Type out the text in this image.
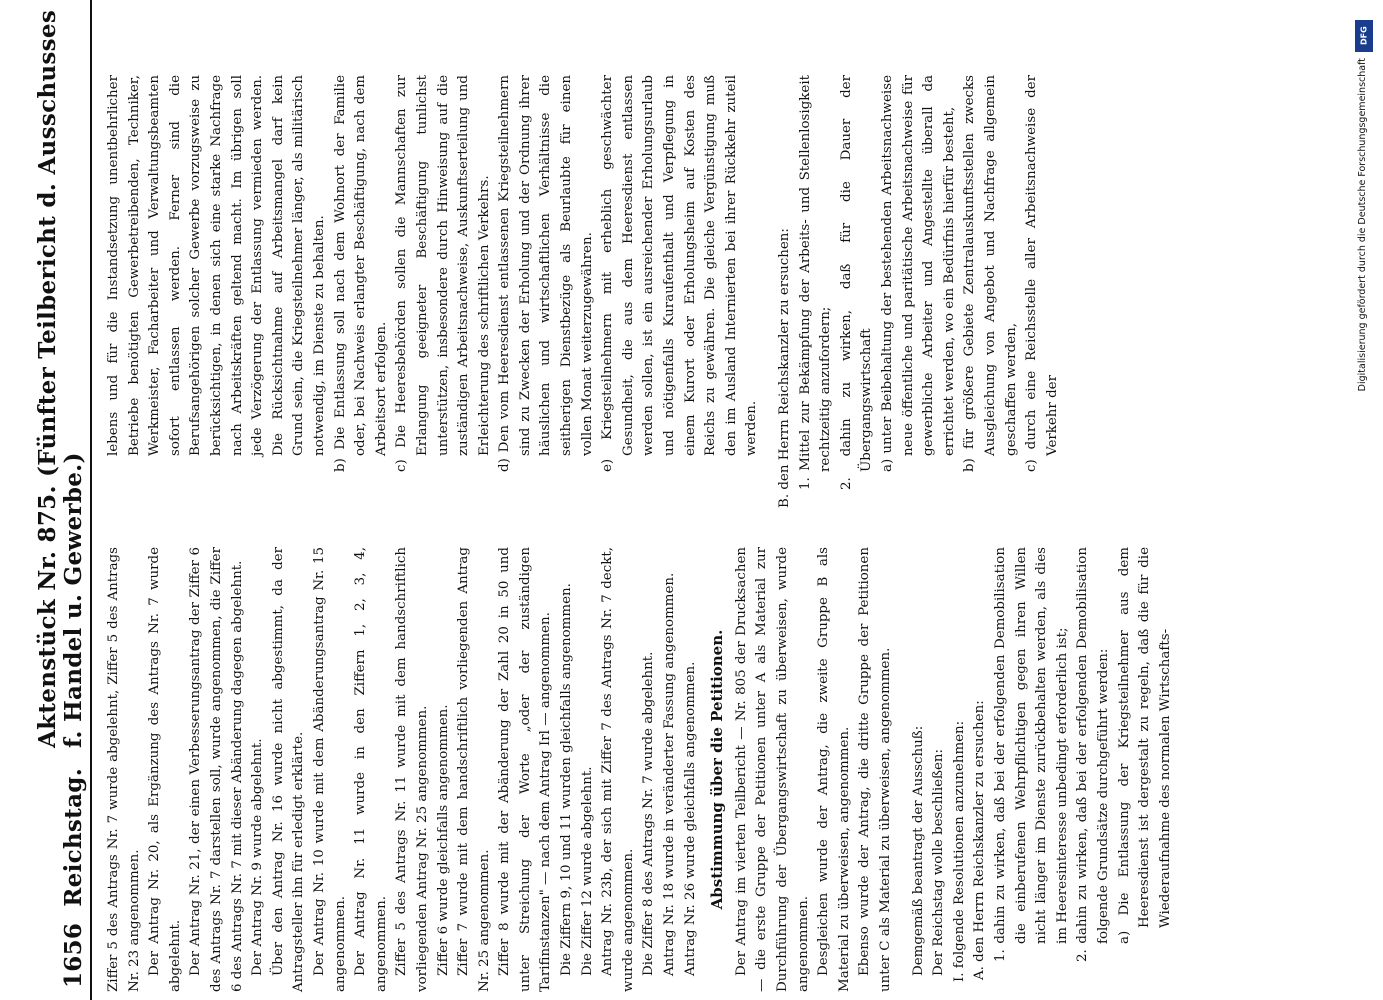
1656
Reichstag.
Aktenstück Nr. 875. (Fünfter Teilbericht d. Ausschusses f. Handel u. Gewerbe.) Ziffer 5 des Antrags Nr. 7 wurde abgelehnt, Ziffer 5 des Antrags Nr. 23 angenommen. Der Antrag Nr. 20, als Ergänzung des Antrags Nr. 7 wurde abgelehnt. Der Antrag Nr. 21, der einen Verbesserungsantrag der Ziffer 6 des Antrags Nr. 7 darstellen soll, wurde angenommen, die Ziffer 6 des Antrags Nr. 7 mit dieser Abänderung dagegen abgelehnt. Der Antrag Nr. 9 wurde abgelehnt. Über den Antrag Nr. 16 wurde nicht abgestimmt, da der Antragsteller ihn für erledigt erklärte. Der Antrag Nr. 10 wurde mit dem Abänderungsantrag Nr. 15 angenommen. Der Antrag Nr. 11 wurde in den Ziffern 1, 2, 3, 4, angenommen. Ziffer 5 des Antrags Nr. 11 wurde mit dem handschriftlich vorliegenden Antrag Nr. 25 angenommen. Ziffer 6 wurde gleichfalls angenommen. Ziffer 7 wurde mit dem handschriftlich vorliegenden Antrag Nr. 25 angenommen. Ziffer 8 wurde mit der Abänderung der Zahl 20 in 50 und unter Streichung der Worte „oder der zuständigen Tarifinstanzen" — nach dem Antrag Irl — angenommen. Die Ziffern 9, 10 und 11 wurden gleichfalls angenommen. Die Ziffer 12 wurde abgelehnt. Antrag Nr. 23b, der sich mit Ziffer 7 des Antrags Nr. 7 deckt, wurde angenommen. Die Ziffer 8 des Antrags Nr. 7 wurde abgelehnt. Antrag Nr. 18 wurde in veränderter Fassung angenommen. Antrag Nr. 26 wurde gleichfalls angenommen. Abstimmung über die Petitionen. Der Antrag im vierten Teilbericht — Nr. 805 der Drucksachen — die erste Gruppe der Petitionen unter A als Material zur Durchführung der Übergangswirtschaft zu überweisen, wurde angenommen. Desgleichen wurde der Antrag, die zweite Gruppe B als Material zu überweisen, angenommen. Ebenso wurde der Antrag, die dritte Gruppe der Petitionen unter C als Material zu überweisen, angenommen. Demgemäß beantragt der Ausschuß: Der Reichstag wolle beschließen: I. folgende Resolutionen anzunehmen: A. den Herrn Reichskanzler zu ersuchen: 1. dahin zu wirken, daß bei der erfolgenden Demobilisation die einberufenen Wehrpflichtigen gegen ihren Willen nicht länger im Dienste zurückbehalten werden, als dies im Heeresinteresse unbedingt erforderlich ist; 2. dahin zu wirken, daß bei der erfolgenden Demobilisation folgende Grundsätze durchgeführt werden: a) Die Entlassung der Kriegsteilnehmer aus dem Heeresdienst ist dergestalt zu regeln, daß die für die Wiederaufnahme des normalen Wirtschafts-

lebens und für die Instandsetzung unentbehrlicher Betriebe benötigten Gewerbetreibenden, Techniker, Werkmeister, Facharbeiter und Verwaltungsbeamten sofort entlassen werden. Ferner sind die Berufsangehörigen solcher Gewerbe vorzugsweise zu berücksichtigen, in denen sich eine starke Nachfrage nach Arbeitskräften geltend macht. Im übrigen soll jede Verzögerung der Entlassung vermieden werden. Die Rücksichtnahme auf Arbeitsmangel darf kein Grund sein, die Kriegsteilnehmer länger, als militärisch notwendig, im Dienste zu behalten. b) Die Entlassung soll nach dem Wohnort der Familie oder, bei Nachweis erlangter Beschäftigung, nach dem Arbeitsort erfolgen. c) Die Heeresbehörden sollen die Mannschaften zur Erlangung geeigneter Beschäftigung tunlichst unterstützen, insbesondere durch Hinweisung auf die zuständigen Arbeitsnachweise, Auskunftserteilung und Erleichterung des schriftlichen Verkehrs. d) Den vom Heeresdienst entlassenen Kriegsteilnehmern sind zu Zwecken der Erholung und der Ordnung ihrer häuslichen und wirtschaftlichen Verhältnisse die seitherigen Dienstbezüge als Beurlaubte für einen vollen Monat weiterzugewähren. e) Kriegsteilnehmern mit erheblich geschwächter Gesundheit, die aus dem Heeresdienst entlassen werden sollen, ist ein ausreichender Erholungsurlaub und nötigenfalls Kuraufenthalt und Verpflegung in einem Kurort oder Erholungsheim auf Kosten des Reichs zu gewähren. Die gleiche Vergünstigung muß den im Ausland Internierten bei ihrer Rückkehr zuteil werden. B. den Herrn Reichskanzler zu ersuchen: 1. Mittel zur Bekämpfung der Arbeits- und Stellenlosigkeit rechtzeitig anzufordern; 2. dahin zu wirken, daß für die Dauer der Übergangswirtschaft a) unter Beibehaltung der bestehenden Arbeitsnachweise neue öffentliche und paritätische Arbeitsnachweise für gewerbliche Arbeiter und Angestellte überall da errichtet werden, wo ein Bedürfnis hierfür besteht, b) für größere Gebiete Zentralauskunftsstellen zwecks Ausgleichung von Angebot und Nachfrage allgemein geschaffen werden, c) durch eine Reichsstelle aller Arbeitsnachweise der Verkehr der

DFG
Digitalisierung gefördert durch die Deutsche Forschungsgemeinschaft
